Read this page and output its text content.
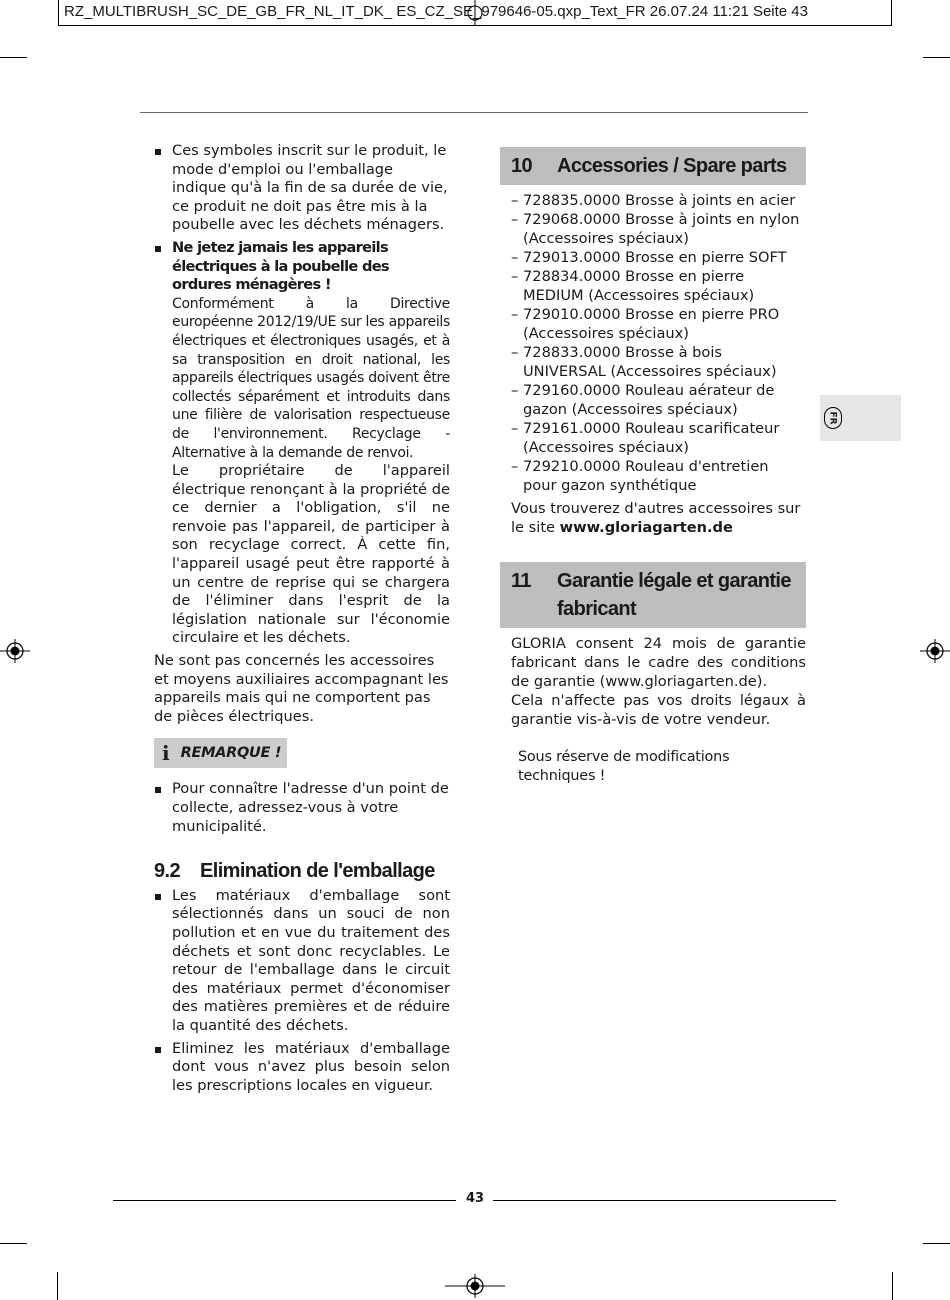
RZ_MULTIBRUSH_SC_DE_GB_FR_NL_IT_DK_ ES_CZ_SE_979646-05.qxp_Text_FR 26.07.24 11:21 Seite 43
Ces symboles inscrit sur le produit, le mode d'emploi ou l'emballage indique qu'à la fin de sa durée de vie, ce produit ne doit pas être mis à la poubelle avec les déchets ménagers.

Ne jetez jamais les appareils électriques à la poubelle des ordures ménagères !

Conformément à la Directive européenne 2012/19/UE sur les appareils électriques et électroniques usagés, et à sa transposition en droit national, les appareils électriques usagés doivent être collectés séparément et introduits dans une filière de valorisation respectueuse de l'environnement. Recyclage - Alternative à la demande de renvoi.

Le propriétaire de l'appareil électrique renonçant à la propriété de ce dernier a l'obligation, s'il ne renvoie pas l'appareil, de participer à son recyclage correct. À cette fin, l'appareil usagé peut être rapporté à un centre de reprise qui se chargera de l'éliminer dans l'esprit de la législation nationale sur l'économie circulaire et les déchets.

Ne sont pas concernés les accessoires et moyens auxiliaires accompagnant les appareils mais qui ne comportent pas de pièces électriques.

ⅰ REMARQUE !
Pour connaître l'adresse d'un point de collecte, adressez-vous à votre municipalité.
9.2 Elimination de l'emballage
Les matériaux d'emballage sont sélectionnés dans un souci de non pollution et en vue du traitement des déchets et sont donc recyclables. Le retour de l'emballage dans le circuit des matériaux permet d'économiser des matières premières et de réduire la quantité des déchets.
Eliminez les matériaux d'emballage dont vous n'avez plus besoin selon les prescriptions locales en vigueur.
10	Accessories / Spare parts
– 728835.0000 Brosse à joints en acier
– 729068.0000 Brosse à joints en nylon (Accessoires spéciaux)
– 729013.0000 Brosse en pierre SOFT
– 728834.0000 Brosse en pierre MEDIUM (Accessoires spéciaux)
– 729010.0000 Brosse en pierre PRO (Accessoires spéciaux)
– 728833.0000 Brosse à bois UNIVERSAL (Accessoires spéciaux)
– 729160.0000 Rouleau aérateur de gazon (Accessoires spéciaux)
– 729161.0000 Rouleau scarificateur (Accessoires spéciaux)
– 729210.0000 Rouleau d'entretien pour gazon synthétique
Vous trouverez d'autres accessoires sur le site www.gloriagarten.de
11	Garantie légale et garantie fabricant
GLORIA consent 24 mois de garantie fabricant dans le cadre des conditions de garantie (www.gloriagarten.de).
Cela n'affecte pas vos droits légaux à garantie vis-à-vis de votre vendeur.
Sous réserve de modifications techniques !
FR
43
